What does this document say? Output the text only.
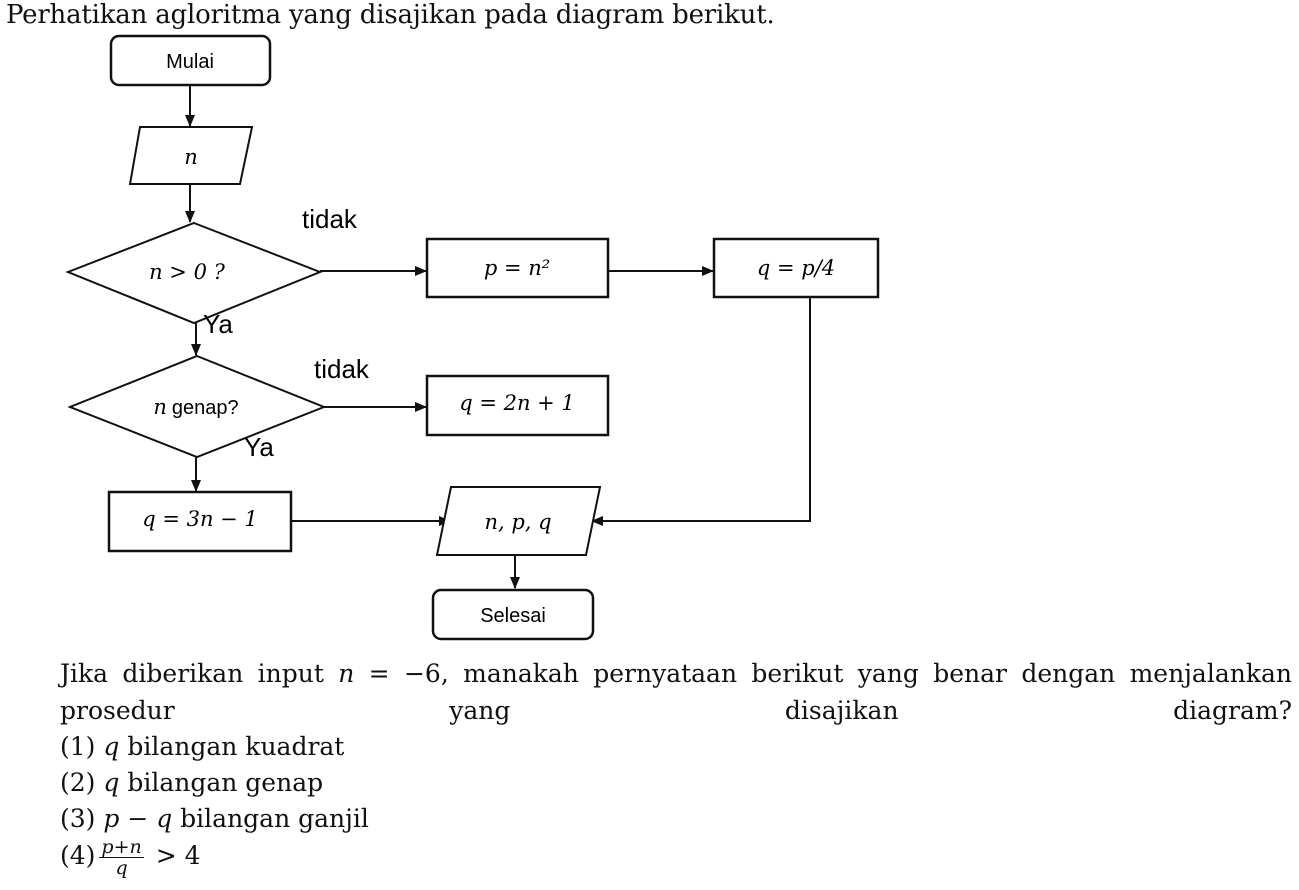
Perhatikan agloritma yang disajikan pada diagram berikut.
Mulai
n
n > 0 ?
tidak
p = n²	q = p/4
Ya
n genap?
tidak
q = 2n + 1
Ya
q = 3n − 1	n, p, q
Selesai
Jika diberikan input n = −6, manakah pernyataan berikut yang benar dengan menjalankan prosedur yang disajikan diagram?
(1) q bilangan kuadrat
(2) q bilangan genap
(3) p − q bilangan ganjil
$(4) \frac{p+n}{q} > 4$
